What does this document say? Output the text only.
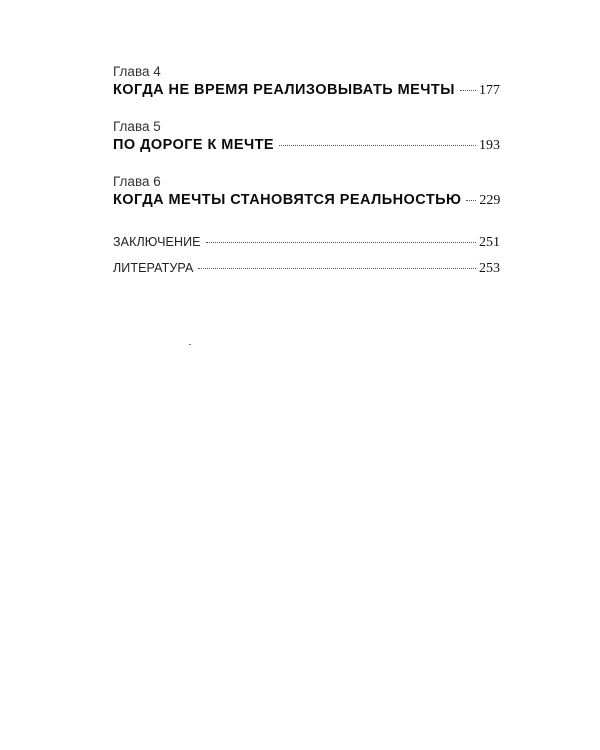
Глава 4
КОГДА НЕ ВРЕМЯ РЕАЛИЗОВЫВАТЬ МЕЧТЫ 177
Глава 5
ПО ДОРОГЕ К МЕЧТЕ	193
Глава 6
КОГДА МЕЧТЫ СТАНОВЯТСЯ РЕАЛЬНОСТЬЮ 229
ЗАКЛЮЧЕНИЕ	251
ЛИТЕРАТУРА	253
